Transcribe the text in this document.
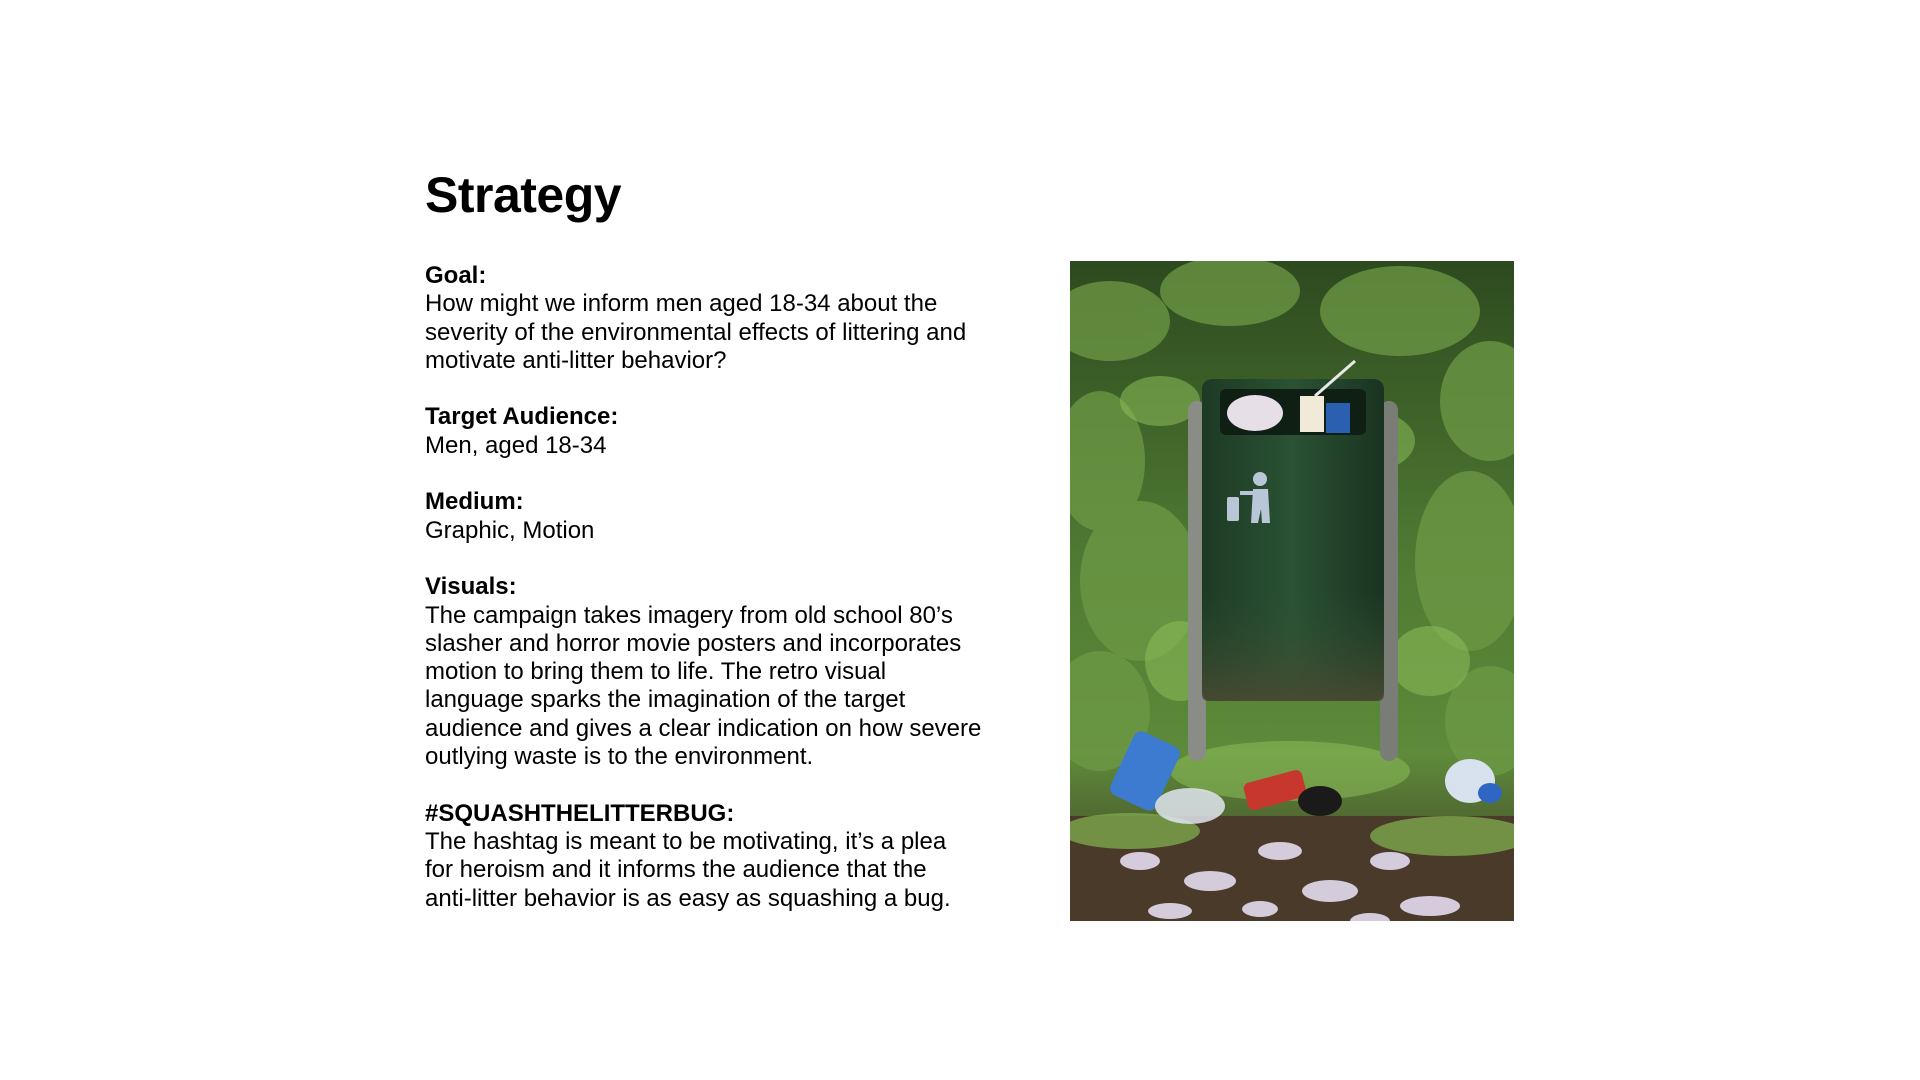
Strategy
Goal:
How might we inform men aged 18-34 about the
severity of the environmental effects of littering and
motivate anti-litter behavior?
Target Audience:
Men, aged 18-34
Medium:
Graphic, Motion
Visuals:
The campaign takes imagery from old school 80’s
slasher and horror movie posters and incorporates
motion to bring them to life. The retro visual
language sparks the imagination of the target
audience and gives a clear indication on how severe
outlying waste is to the environment.
#SQUASHTHELITTERBUG:
The hashtag is meant to be motivating, it’s a plea
for heroism and it informs the audience that the
anti-litter behavior is as easy as squashing a bug.
